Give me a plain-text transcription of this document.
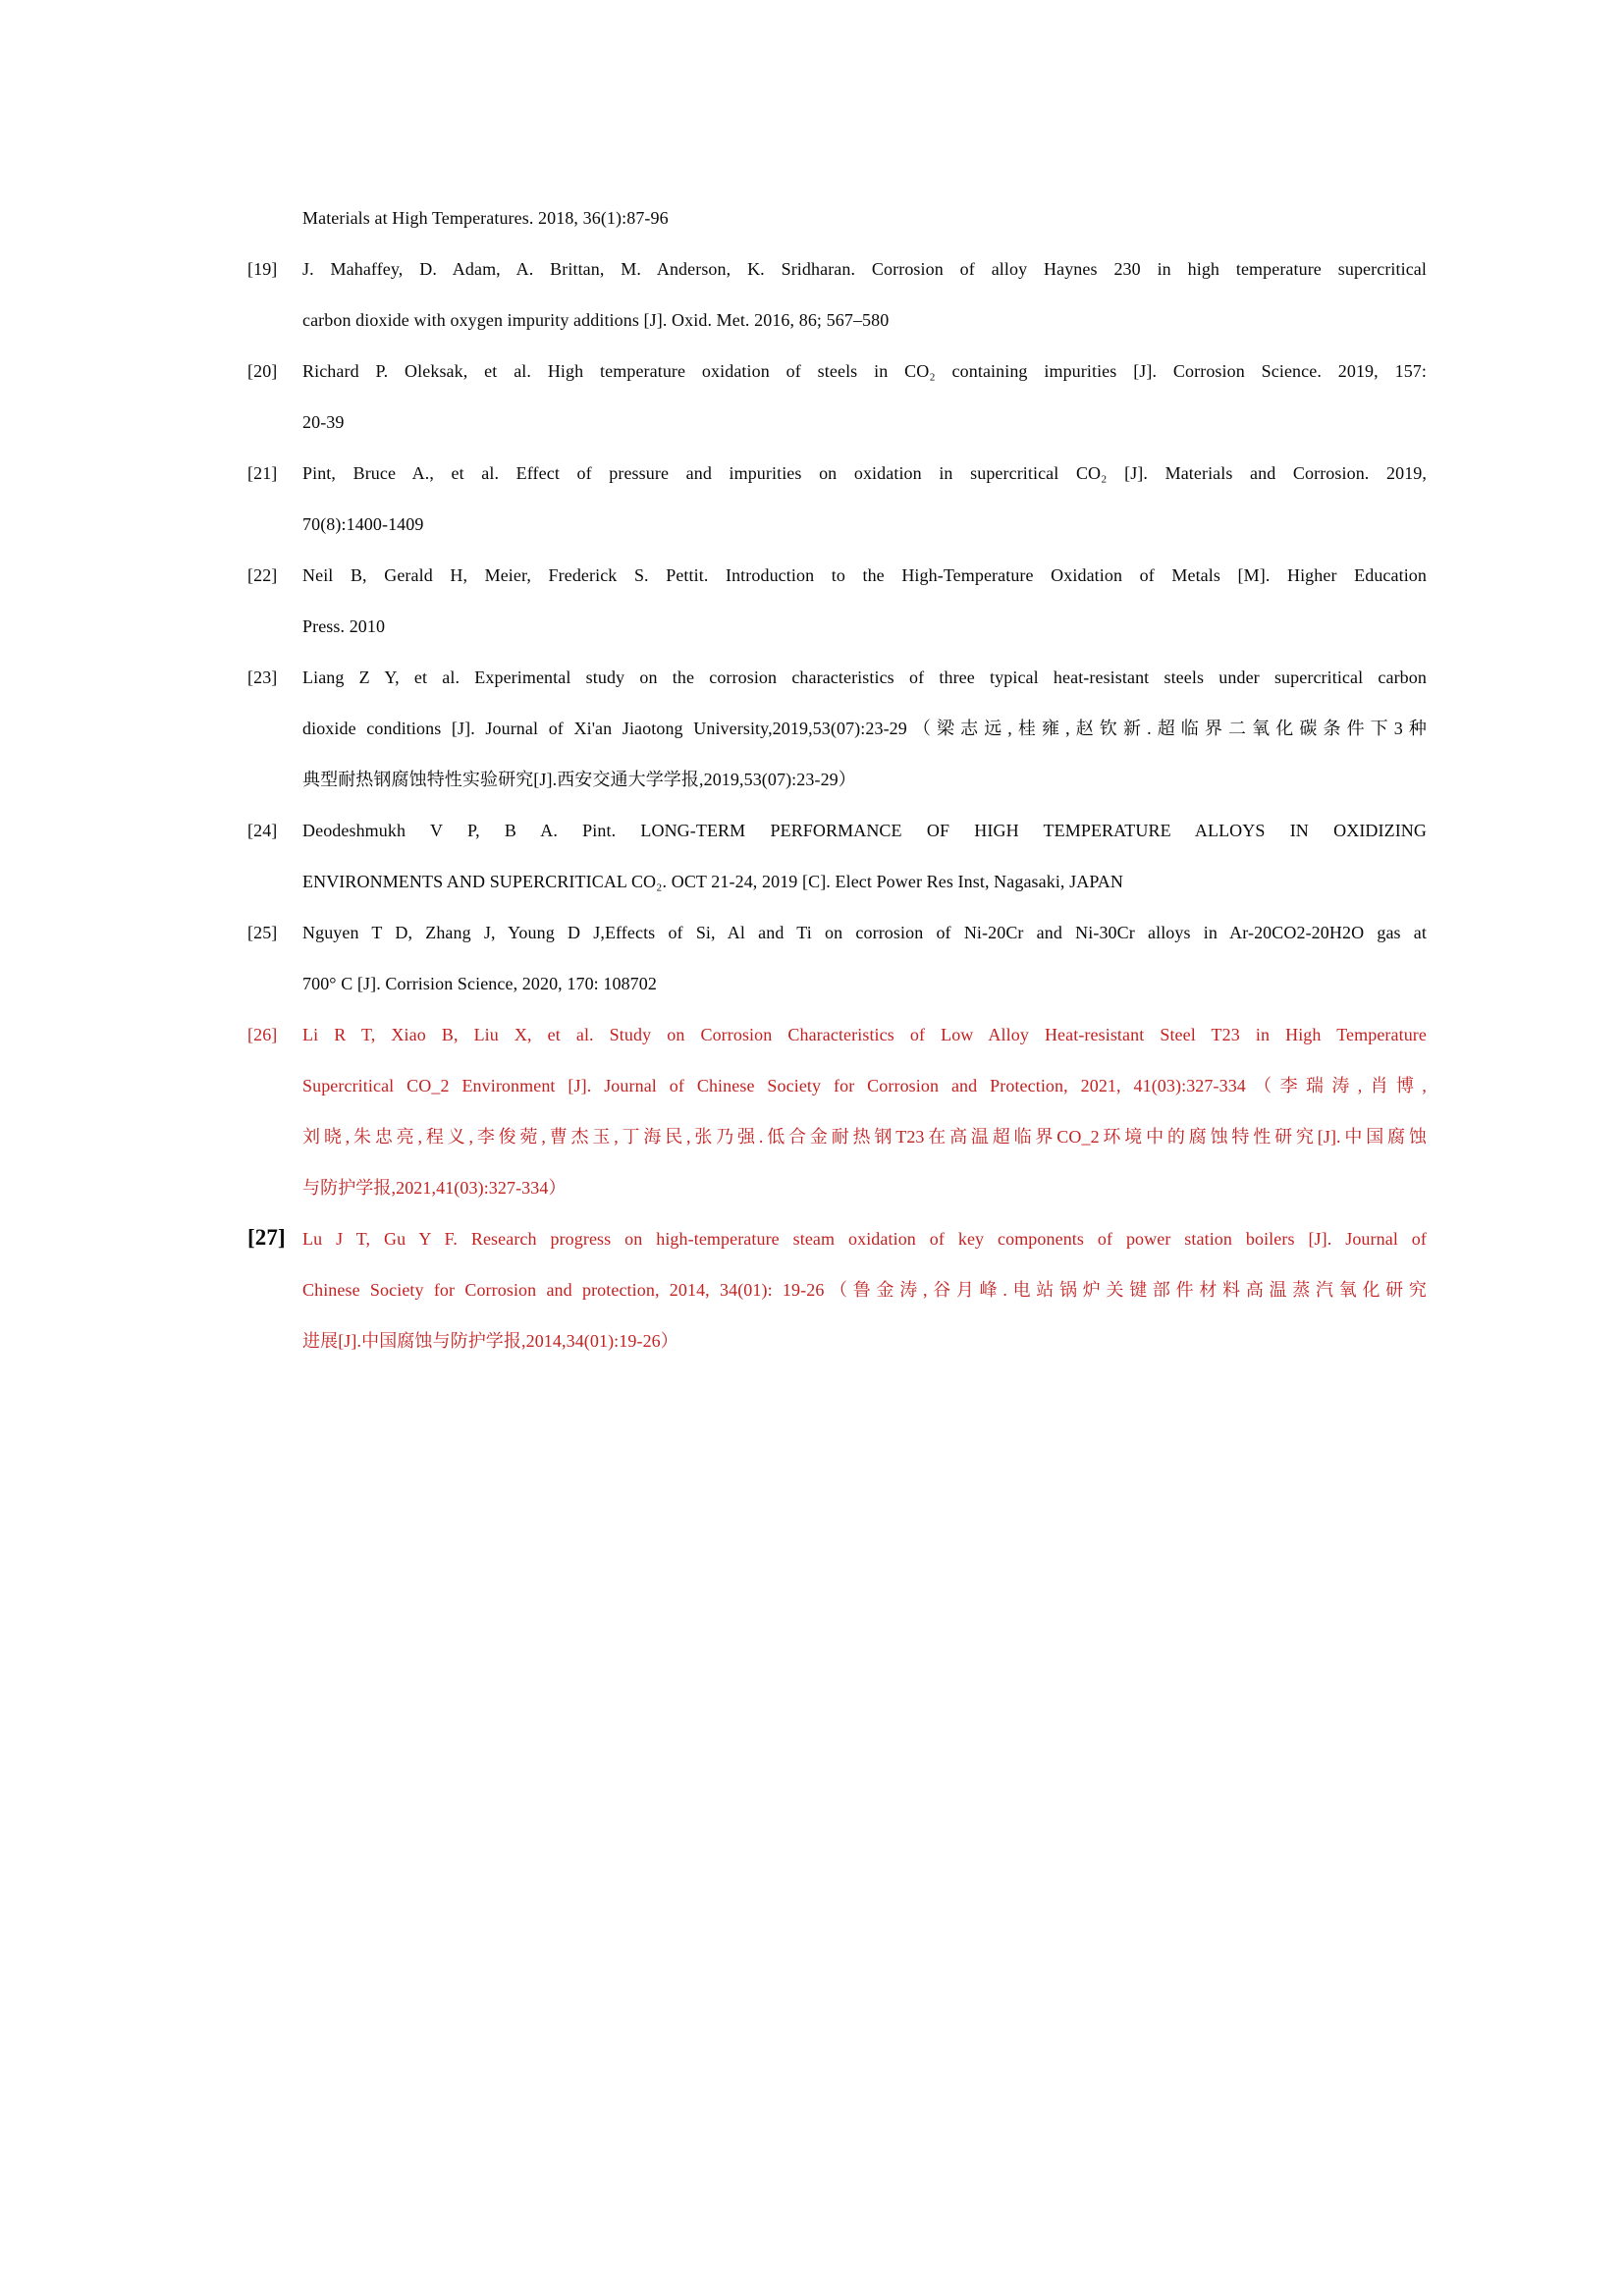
Materials at High Temperatures. 2018, 36(1):87-96
[19] J. Mahaffey, D. Adam, A. Brittan, M. Anderson, K. Sridharan. Corrosion of alloy Haynes 230 in high temperature supercritical
carbon dioxide with oxygen impurity additions [J]. Oxid. Met. 2016, 86; 567–580
[20] Richard P. Oleksak, et al. High temperature oxidation of steels in CO₂ containing impurities [J]. Corrosion Science. 2019, 157:
20-39
[21] Pint, Bruce A., et al. Effect of pressure and impurities on oxidation in supercritical CO₂ [J]. Materials and Corrosion. 2019,
70(8):1400-1409
[22] Neil B, Gerald H, Meier, Frederick S. Pettit. Introduction to the High-Temperature Oxidation of Metals [M]. Higher Education
Press. 2010
[23] Liang Z Y, et al. Experimental study on the corrosion characteristics of three typical heat-resistant steels under supercritical carbon
dioxide conditions [J]. Journal of Xi'an Jiaotong University,2019,53(07):23-29（梁志远,桂雍,赵钦新.超临界二氧化碳条件下3种
典型耐热钢腐蚀特性实验研究[J].西安交通大学学报,2019,53(07):23-29）
[24] Deodeshmukh V P, B A. Pint. LONG-TERM PERFORMANCE OF HIGH TEMPERATURE ALLOYS IN OXIDIZING
ENVIRONMENTS AND SUPERCRITICAL CO₂. OCT 21-24, 2019 [C]. Elect Power Res Inst, Nagasaki, JAPAN
[25] Nguyen T D, Zhang J, Young D J,Effects of Si, Al and Ti on corrosion of Ni-20Cr and Ni-30Cr alloys in Ar-20CO2-20H2O gas at
700° C [J]. Corrision Science, 2020, 170: 108702
[26] Li R T, Xiao B, Liu X, et al. Study on Corrosion Characteristics of Low Alloy Heat-resistant Steel T23 in High Temperature
Supercritical CO_2 Environment [J]. Journal of Chinese Society for Corrosion and Protection, 2021, 41(03):327-334（李瑞涛,肖博,
刘晓,朱忠亮,程义,李俊菀,曹杰玉,丁海民,张乃强.低合金耐热钢T23在高温超临界CO_2环境中的腐蚀特性研究[J].中国腐蚀
与防护学报,2021,41(03):327-334）
[27] Lu J T, Gu Y F. Research progress on high-temperature steam oxidation of key components of power station boilers [J]. Journal of
Chinese Society for Corrosion and protection, 2014, 34(01): 19-26（鲁金涛,谷月峰.电站锅炉关键部件材料高温蒸汽氧化研究
进展[J].中国腐蚀与防护学报,2014,34(01):19-26）
